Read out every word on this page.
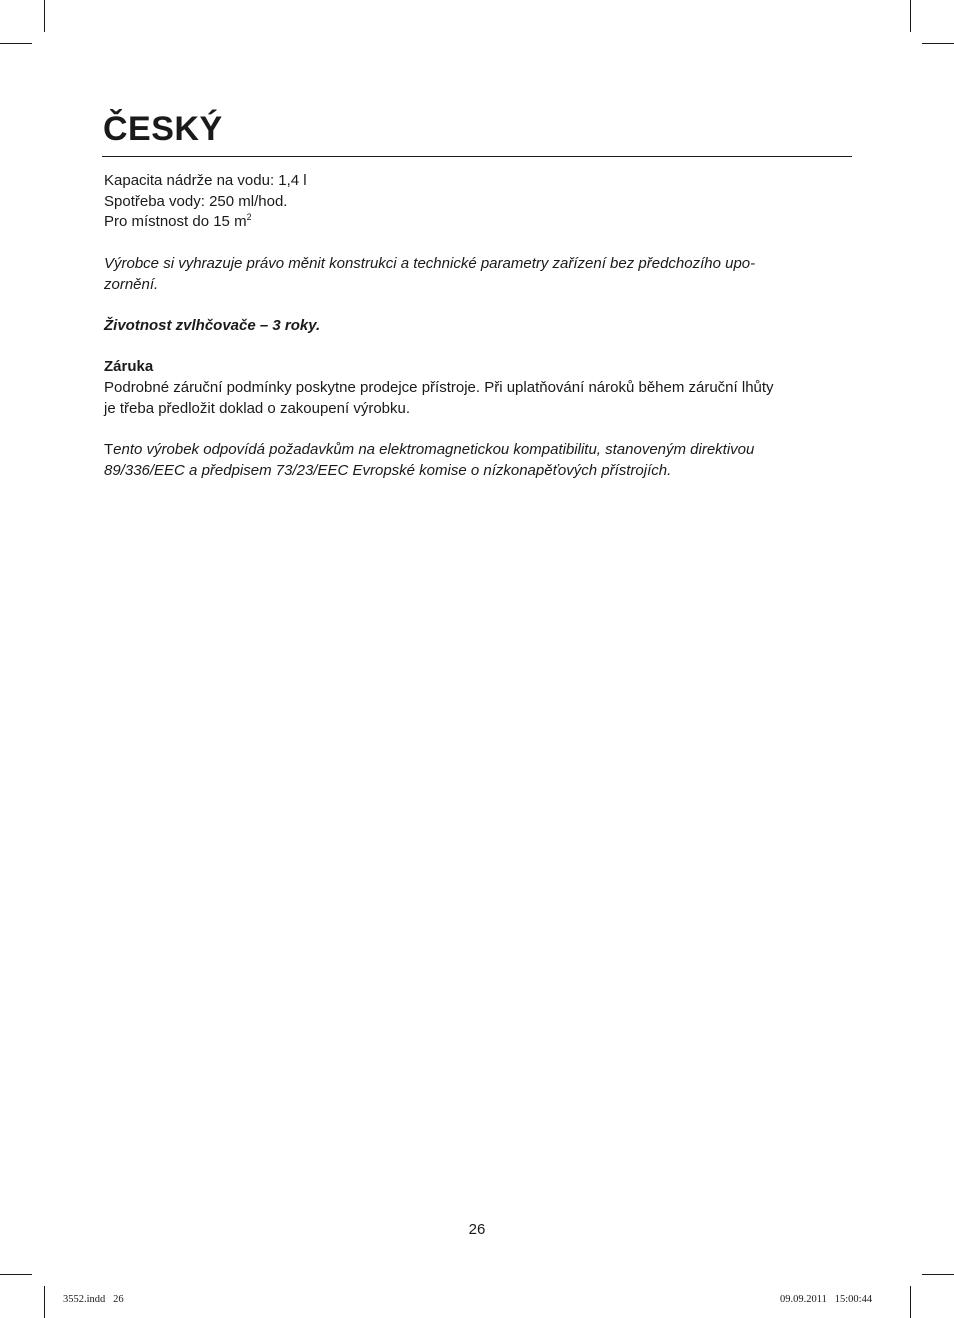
ČESKÝ

Kapacita nádrže na vodu: 1,4 l

Spotřeba vody: 250 ml/hod.

Pro místnost do 15 $m^2$

Výrobce si vyhrazuje právo měnit konstrukci a technické parametry zařízení bez předchozího upo-

zornění.

Životnost zvlhčovače – 3 roky.

Záruka

Podrobné záruční podmínky poskytne prodejce přístroje. Při uplatňování nároků během záruční lhůty

je třeba předložit doklad o zakoupení výrobku.

Tento výrobek odpovídá požadavkům na elektromagnetickou kompatibilitu, stanoveným direktivou

89/336/EEC a předpisem 73/23/EEC Evropské komise o nízkonapěťových přístrojích.

26
3552.indd   26	09.09.2011   15:00:44
